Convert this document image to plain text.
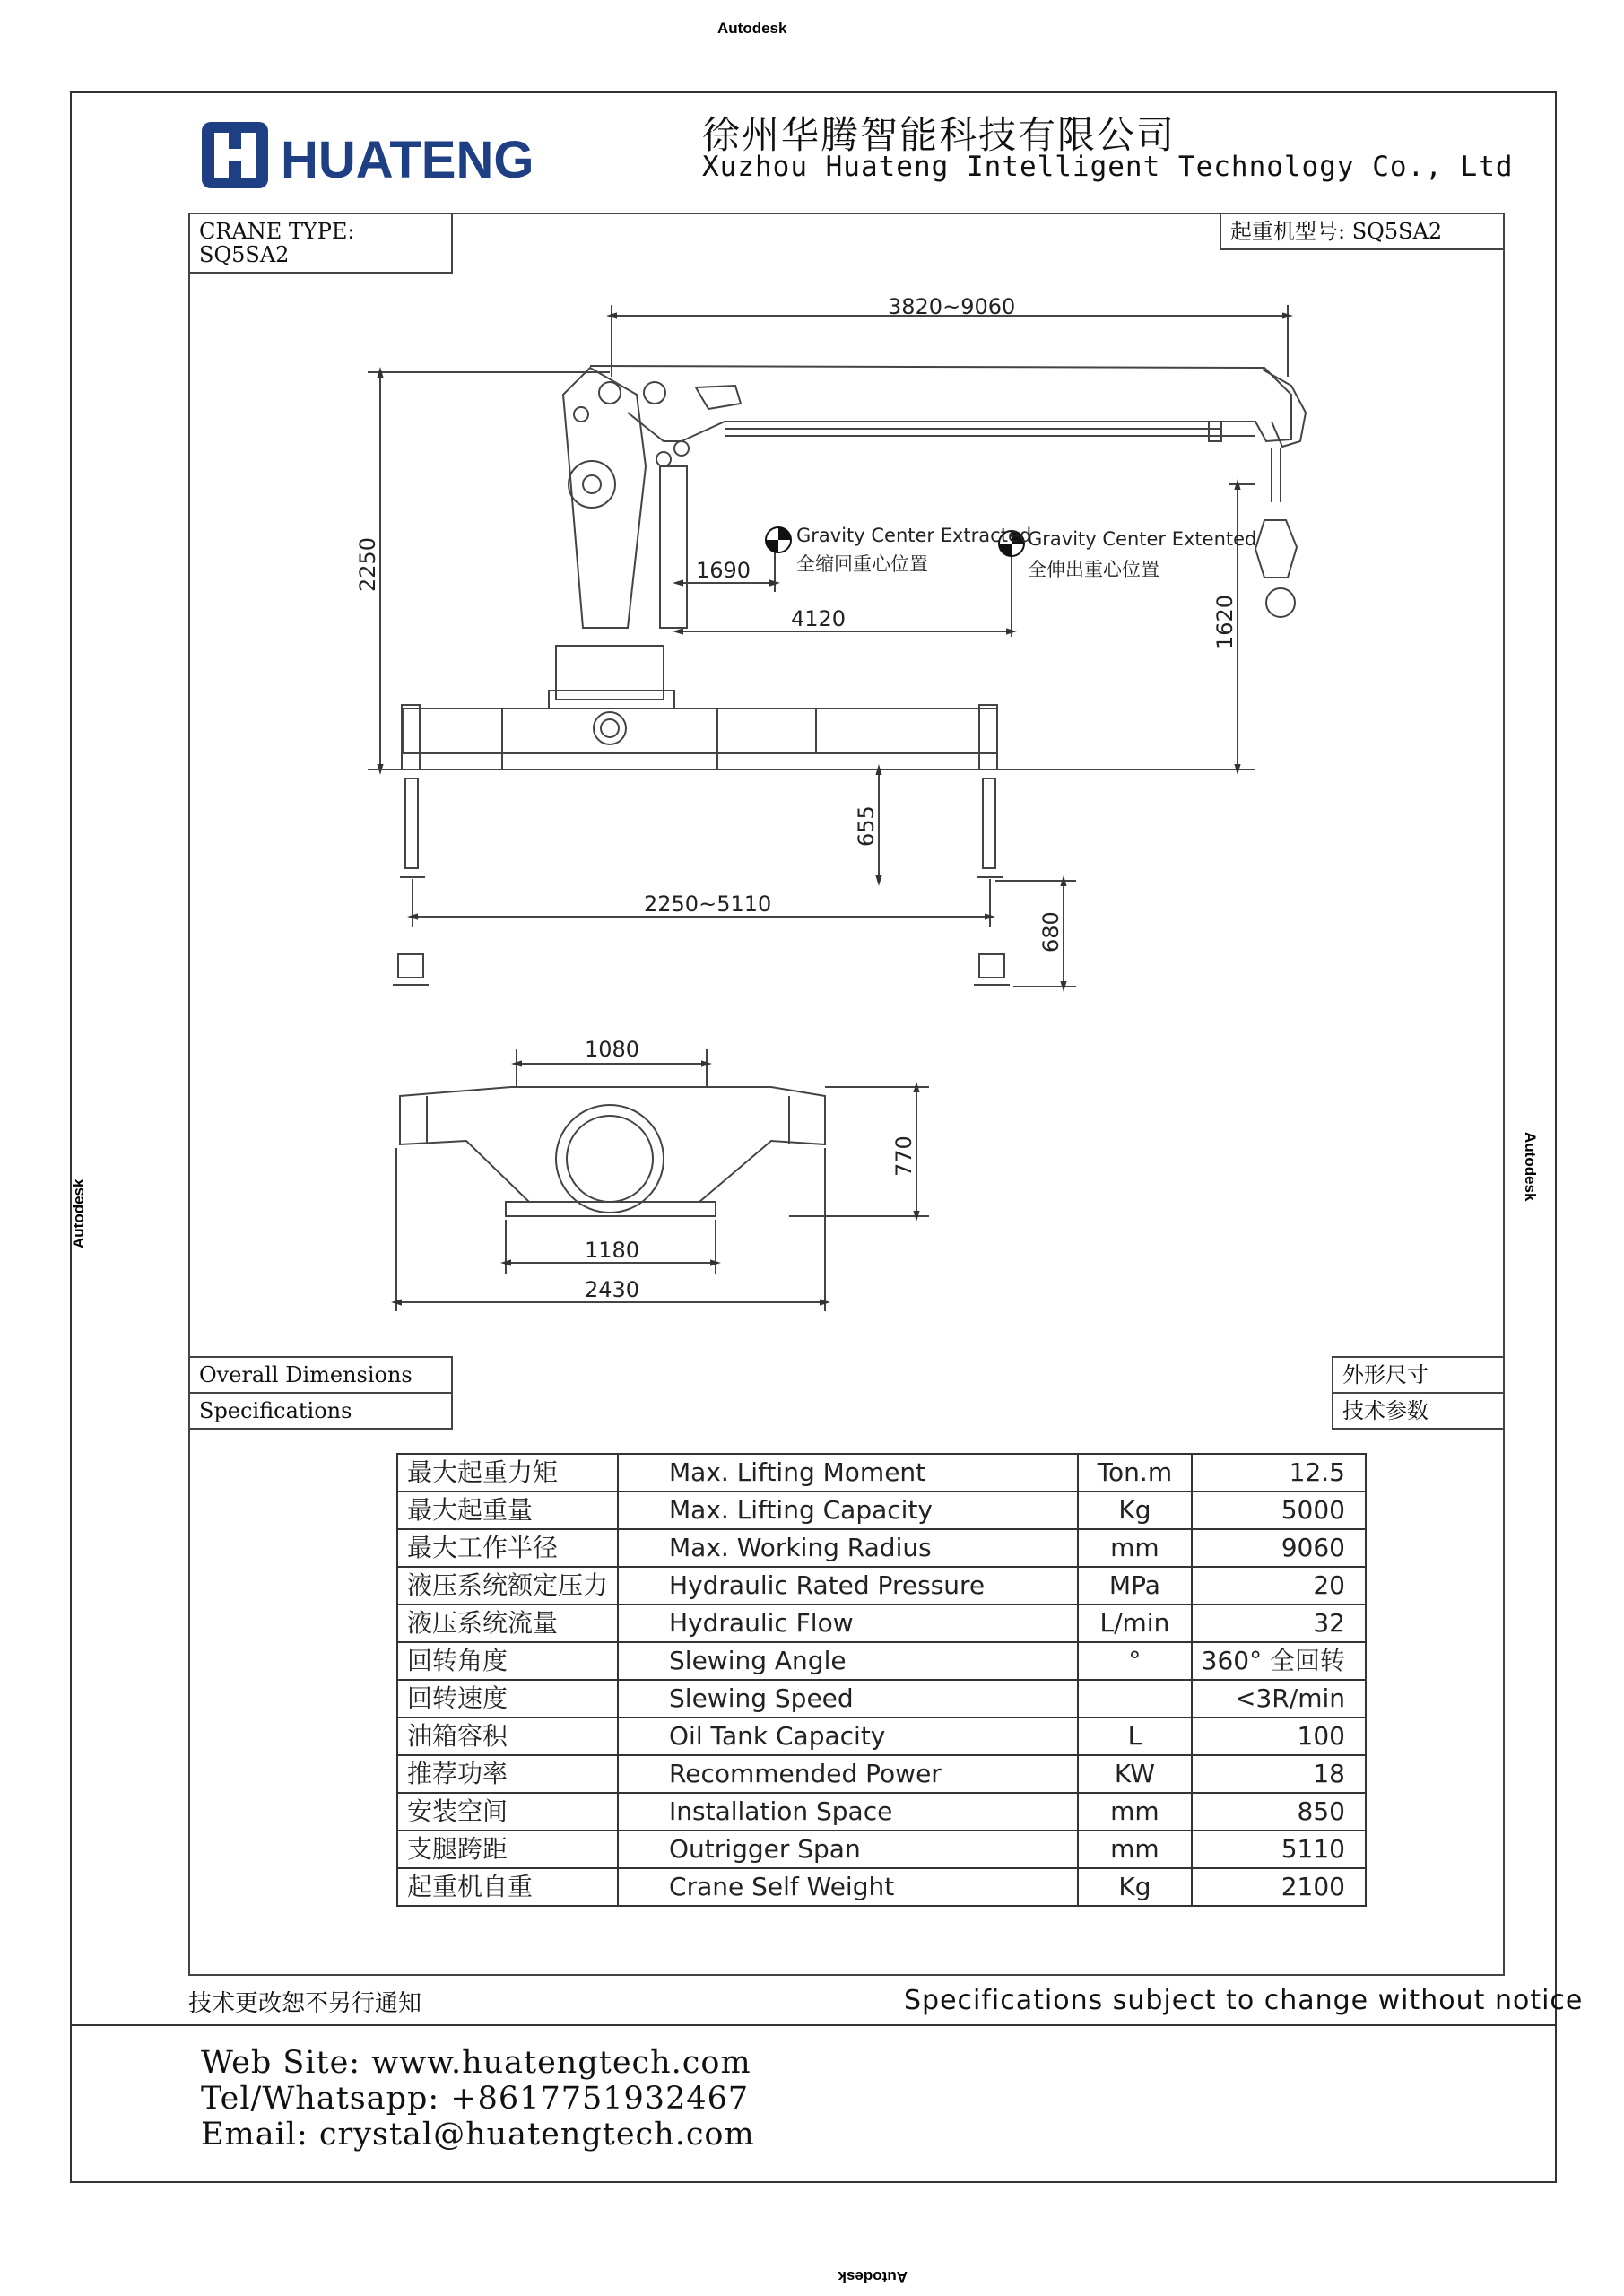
Autodesk
Autodesk
Autodesk
Autodesk
HUATENG	徐州华腾智能科技有限公司
Xuzhou Huateng Intelligent Technology Co., Ltd
CRANE TYPE: SQ5SA2
起重机型号: SQ5SA2
3820~9060
2250
Gravity Center Extracted
全缩回重心位置
Gravity Center Extented
全伸出重心位置
1690
4120	1620
655
2250~5110
680
1080
770
1180
2430
Overall Dimensions
Specifications
外形尺寸
技术参数
最大起重力矩	Max. Lifting Moment	Ton.m	12.5
最大起重量	Max. Lifting Capacity	Kg	5000
最大工作半径	Max. Working Radius	mm	9060
液压系统额定压力	Hydraulic Rated Pressure	MPa	20
液压系统流量	Hydraulic Flow	L/min	32
回转角度	Slewing Angle	°	360° 全回转
回转速度	Slewing Speed		<3R/min
油箱容积	Oil Tank Capacity	L	100
推荐功率	Recommended Power	KW	18
安装空间	Installation Space	mm	850
支腿跨距	Outrigger Span	mm	5110
起重机自重	Crane Self Weight	Kg	2100
技术更改恕不另行通知	Specifications subject to change without notice
Web Site: www.huatengtech.com
Tel/Whatsapp: +8617751932467
Email: crystal@huatengtech.com
